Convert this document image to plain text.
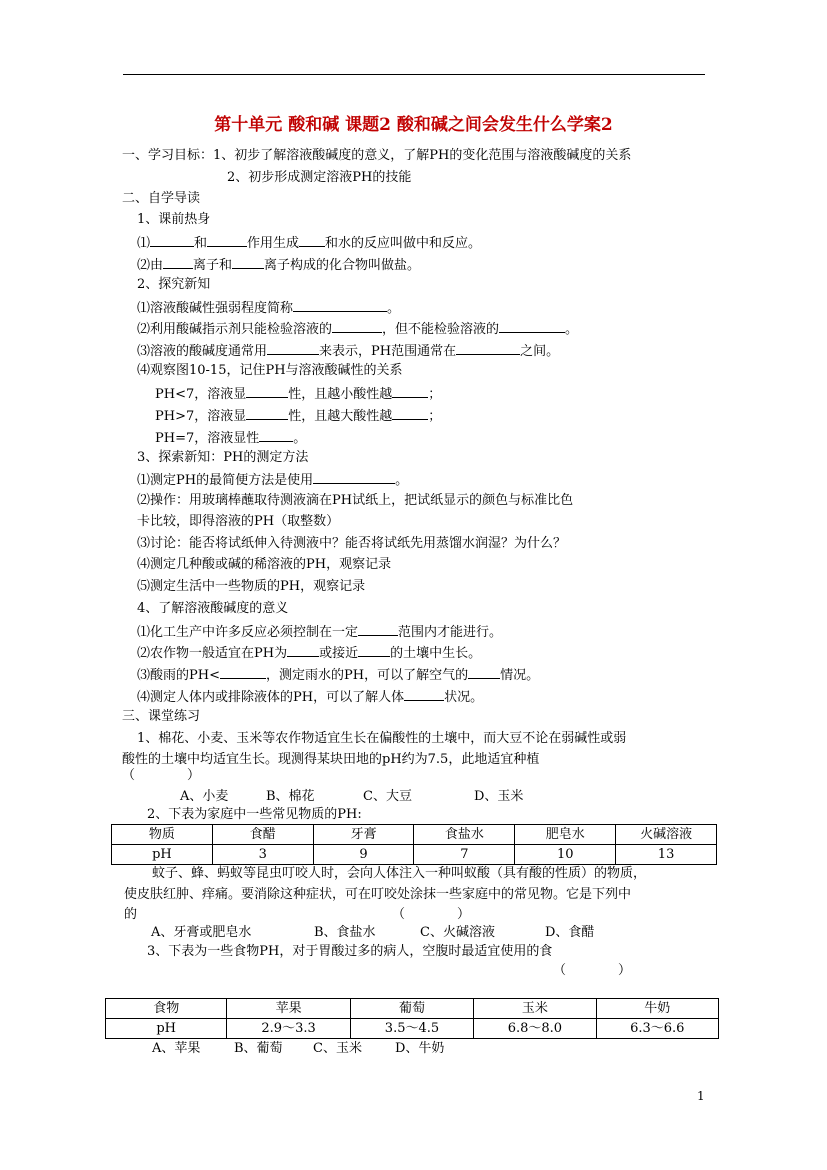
第十单元 酸和碱 课题2 酸和碱之间会发生什么学案2
一、学习目标：1、初步了解溶液酸碱度的意义，了解PH的变化范围与溶液酸碱度的关系
2、初步形成测定溶液PH的技能
二、自学导读
1、课前热身
⑴	和	作用生成 和水的反应叫做中和反应。
⑵由 离子和 离子构成的化合物叫做盐。
2、探究新知
⑴溶液酸碱性强弱程度简称	。
⑵利用酸碱指示剂只能检验溶液的	，但不能检验溶液的	。
⑶溶液的酸碱度通常用	来表示，PH范围通常在	之间。
⑷观察图10-15，记住PH与溶液酸碱性的关系
PH<7，溶液显	性，且越小酸性越	；
PH>7，溶液显	性，且越大酸性越	；
PH=7，溶液显性	。
3、探索新知：PH的测定方法
⑴测定PH的最简便方法是使用	。
⑵操作：用玻璃棒蘸取待测液滴在PH试纸上，把试纸显示的颜色与标准比色
卡比较，即得溶液的PH（取整数）
⑶讨论：能否将试纸伸入待测液中？能否将试纸先用蒸馏水润湿？为什么？
⑷测定几种酸或碱的稀溶液的PH，观察记录
⑸测定生活中一些物质的PH，观察记录
4、了解溶液酸碱度的意义
⑴化工生产中许多反应必须控制在一定	范围内才能进行。
⑵农作物一般适宜在PH为 或接近 的土壤中生长。
⑶酸雨的PH<	，测定雨水的PH，可以了解空气的 情况。
⑷测定人体内或排除液体的PH，可以了解人体	状况。
三、课堂练习
1、棉花、小麦、玉米等农作物适宜生长在偏酸性的土壤中，而大豆不论在弱碱性或弱
酸性的土壤中均适宜生长。现测得某块田地的pH约为7.5，此地适宜种植
（　　　　）
A、小麦	B、棉花	C、大豆	D、玉米
2、下表为家庭中一些常见物质的PH:
物质	食醋	牙膏	食盐水	肥皂水	火碱溶液
pH	3	9	7	10	13
蚊子、蜂、蚂蚁等昆虫叮咬人时，会向人体注入一种叫蚁酸（具有酸的性质）的物质，
使皮肤红肿、痒痛。要消除这种症状，可在叮咬处涂抹一些家庭中的常见物。它是下列中
的	（　　　　）
A、牙膏或肥皂水	B、食盐水	C、火碱溶液	D、食醋
3、下表为一些食物PH，对于胃酸过多的病人，空腹时最适宜使用的食
（　　　　）
食物	苹果	葡萄	玉米	牛奶
pH	2.9～3.3	3.5～4.5	6.8～8.0	6.3～6.6
A、苹果	B、葡萄 C、玉米	D、牛奶
1
